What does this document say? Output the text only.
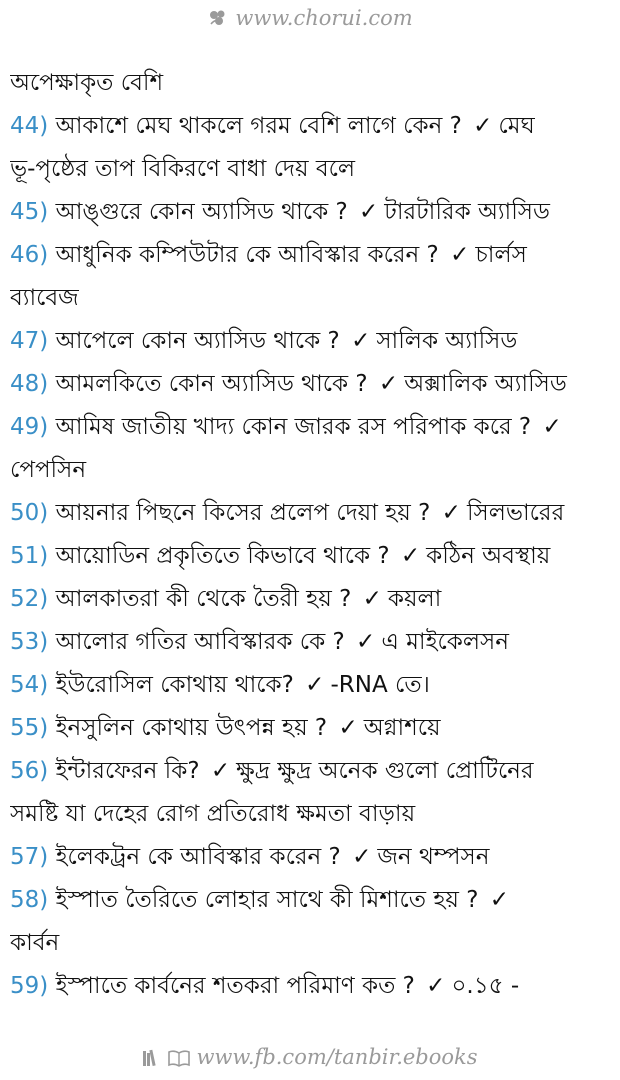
www.chorui.com
অপেক্ষাকৃত বেশি
44) আকাশে মেঘ থাকলে গরম বেশি লাগে কেন ? ✓ মেঘ
ভূ-পৃষ্ঠের তাপ বিকিরণে বাধা দেয় বলে
45) আঙ্গুরে কোন অ্যাসিড থাকে ? ✓ টারটারিক অ্যাসিড
46) আধুনিক কম্পিউটার কে আবিস্কার করেন ? ✓ চার্লস
ব্যাবেজ
47) আপেলে কোন অ্যাসিড থাকে ? ✓ সালিক অ্যাসিড
48) আমলকিতে কোন অ্যাসিড থাকে ? ✓ অক্সালিক অ্যাসিড
49) আমিষ জাতীয় খাদ্য কোন জারক রস পরিপাক করে ? ✓
পেপসিন
50) আয়নার পিছনে কিসের প্রলেপ দেয়া হয় ? ✓ সিলভারের
51) আয়োডিন প্রকৃতিতে কিভাবে থাকে ? ✓ কঠিন অবস্থায়
52) আলকাতরা কী থেকে তৈরী হয় ? ✓ কয়লা
53) আলোর গতির আবিস্কারক কে ? ✓ এ মাইকেলসন
54) ইউরোসিল কোথায় থাকে? ✓ -RNA তে।
55) ইনসুলিন কোথায় উৎপন্ন হয় ? ✓ অগ্নাশয়ে
56) ইন্টারফেরন কি? ✓ ক্ষুদ্র ক্ষুদ্র অনেক গুলো প্রোটিনের
সমষ্টি যা দেহের রোগ প্রতিরোধ ক্ষমতা বাড়ায়
57) ইলেকট্রন কে আবিস্কার করেন ? ✓ জন থম্পসন
58) ইস্পাত তৈরিতে লোহার সাথে কী মিশাতে হয় ? ✓
কার্বন
59) ইস্পাতে কার্বনের শতকরা পরিমাণ কত ? ✓ ০.১৫ -
www.fb.com/tanbir.ebooks
